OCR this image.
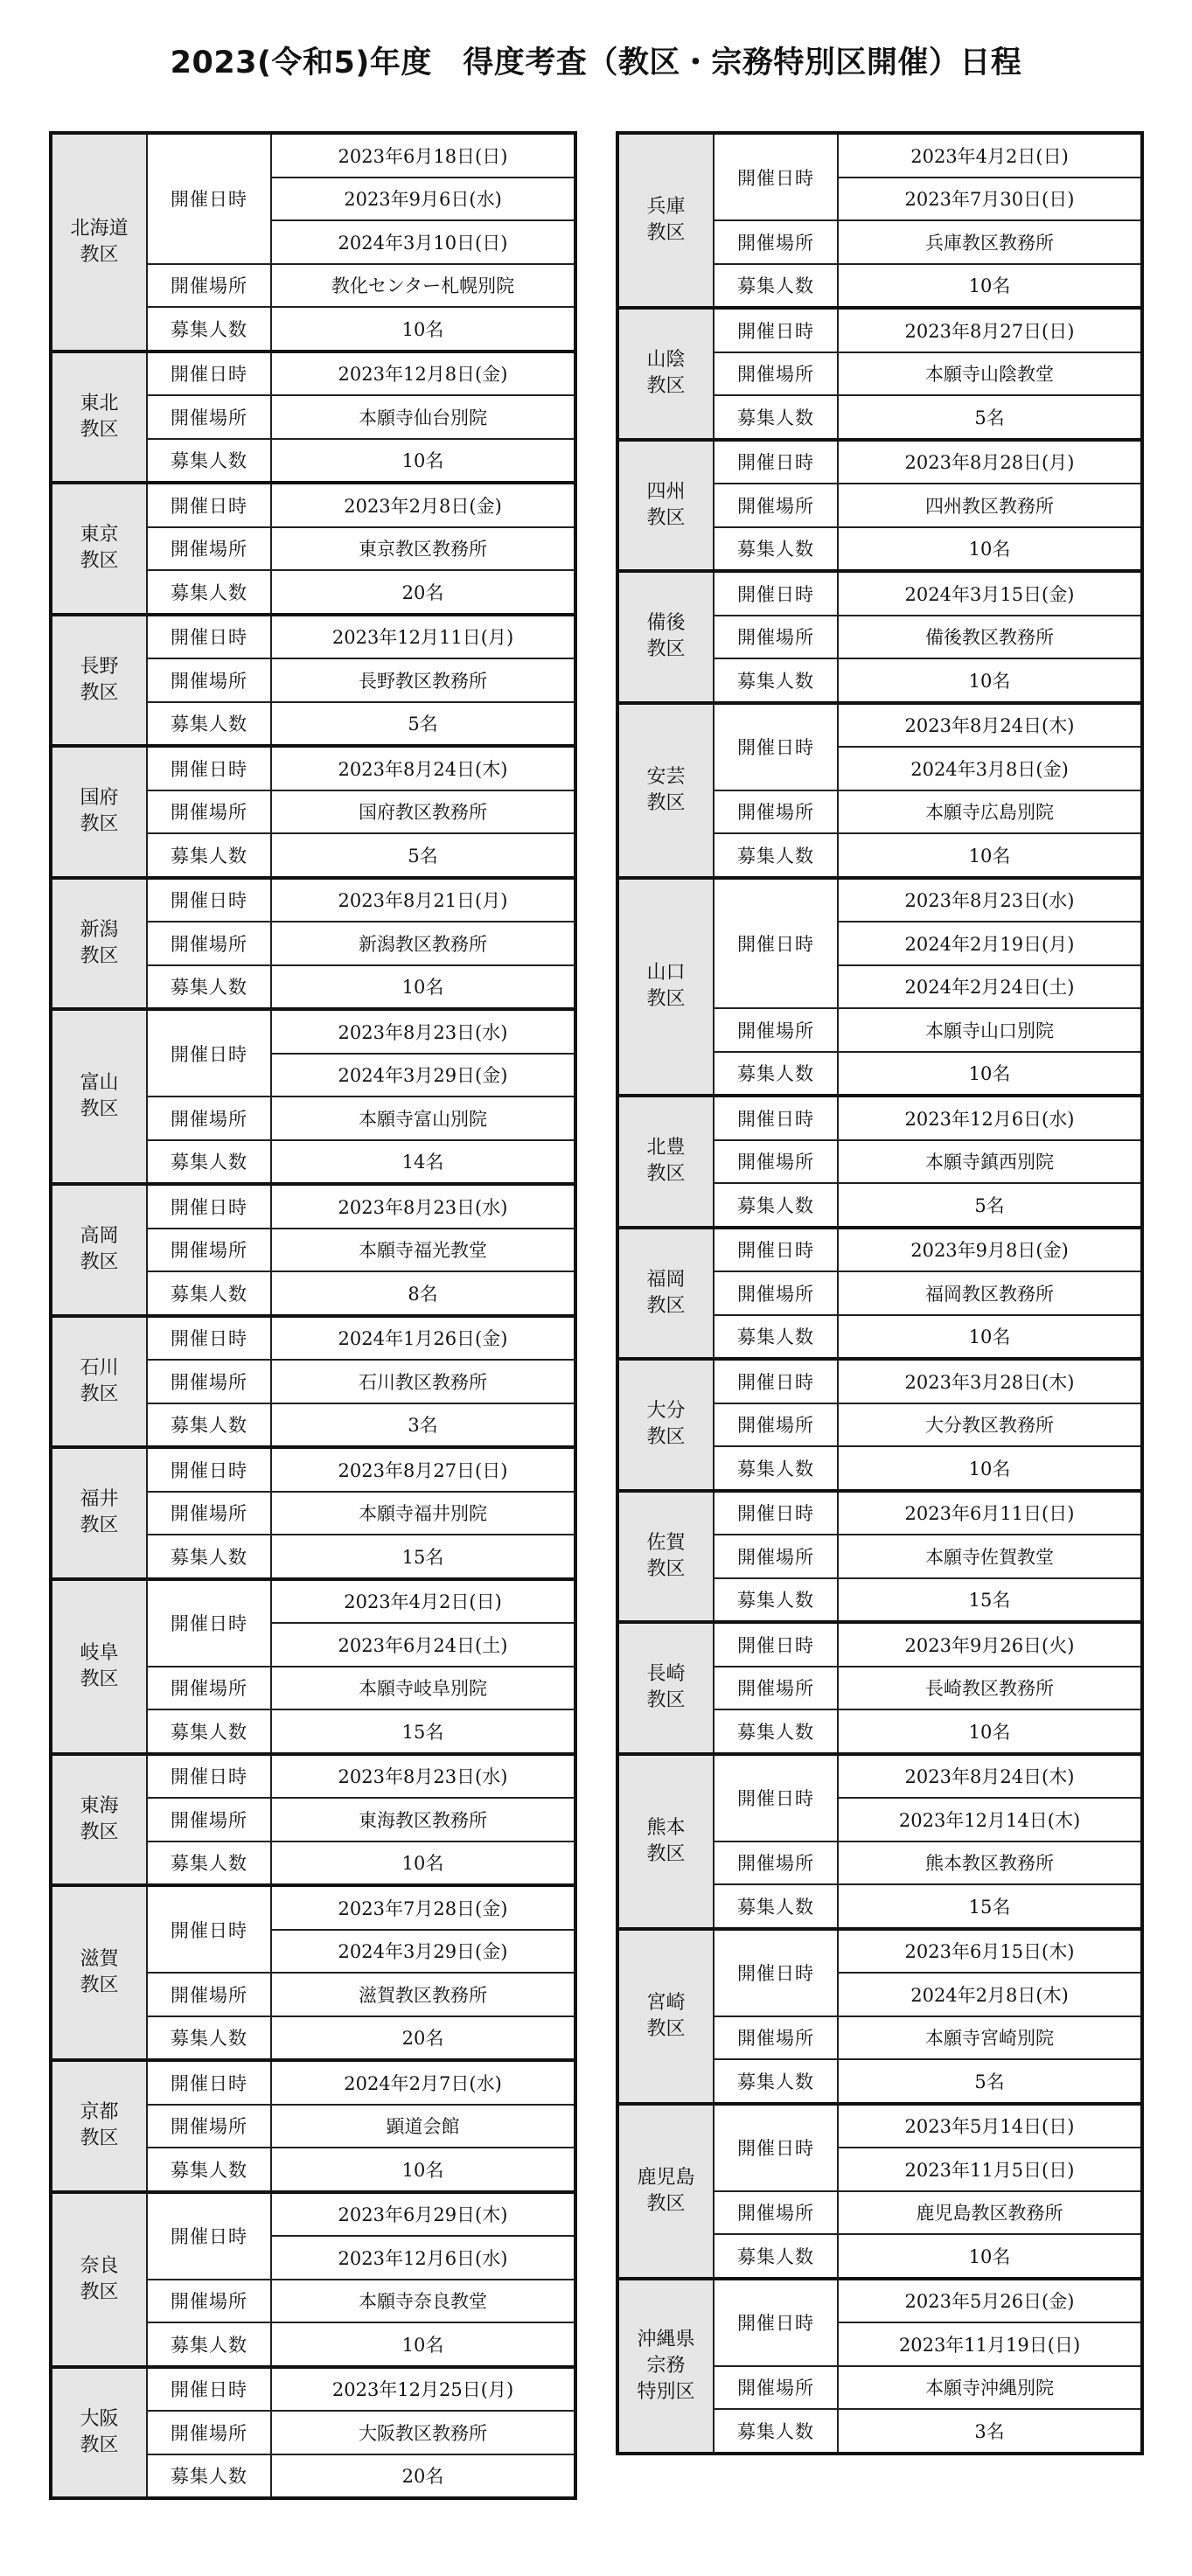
2023(令和5)年度　得度考査（教区・宗務特別区開催）日程
北海道
教区	開催日時	2023年6月18日(日)
		2023年9月6日(水)
		2024年3月10日(日)
	開催場所	教化センター札幌別院
	募集人数	10名

東北
教区	開催日時	2023年12月8日(金)
	開催場所	本願寺仙台別院
	募集人数	10名

東京
教区	開催日時	2023年2月8日(金)
	開催場所	東京教区教務所
	募集人数	20名

長野
教区	開催日時	2023年12月11日(月)
	開催場所	長野教区教務所
	募集人数	5名

国府
教区	開催日時	2023年8月24日(木)
	開催場所	国府教区教務所
	募集人数	5名

新潟
教区	開催日時	2023年8月21日(月)
	開催場所	新潟教区教務所
	募集人数	10名

富山
教区	開催日時	2023年8月23日(水)
		2024年3月29日(金)
	開催場所	本願寺富山別院
	募集人数	14名

高岡
教区	開催日時	2023年8月23日(水)
	開催場所	本願寺福光教堂
	募集人数	8名

石川
教区	開催日時	2024年1月26日(金)
	開催場所	石川教区教務所
	募集人数	3名

福井
教区	開催日時	2023年8月27日(日)
	開催場所	本願寺福井別院
	募集人数	15名

岐阜
教区	開催日時	2023年4月2日(日)
		2023年6月24日(土)
	開催場所	本願寺岐阜別院
	募集人数	15名

東海
教区	開催日時	2023年8月23日(水)
	開催場所	東海教区教務所
	募集人数	10名

滋賀
教区	開催日時	2023年7月28日(金)
		2024年3月29日(金)
	開催場所	滋賀教区教務所
	募集人数	20名

京都
教区	開催日時	2024年2月7日(水)
	開催場所	顕道会館
	募集人数	10名

奈良
教区	開催日時	2023年6月29日(木)
		2023年12月6日(水)
	開催場所	本願寺奈良教堂
	募集人数	10名

大阪
教区	開催日時	2023年12月25日(月)
	開催場所	大阪教区教務所
	募集人数	20名
兵庫
教区	開催日時	2023年4月2日(日)
		2023年7月30日(日)
	開催場所	兵庫教区教務所
	募集人数	10名

山陰
教区	開催日時	2023年8月27日(日)
	開催場所	本願寺山陰教堂
	募集人数	5名

四州
教区	開催日時	2023年8月28日(月)
	開催場所	四州教区教務所
	募集人数	10名

備後
教区	開催日時	2024年3月15日(金)
	開催場所	備後教区教務所
	募集人数	10名

安芸
教区	開催日時	2023年8月24日(木)
		2024年3月8日(金)
	開催場所	本願寺広島別院
	募集人数	10名

山口
教区	開催日時	2023年8月23日(水)
		2024年2月19日(月)
		2024年2月24日(土)
	開催場所	本願寺山口別院
	募集人数	10名

北豊
教区	開催日時	2023年12月6日(水)
	開催場所	本願寺鎮西別院
	募集人数	5名

福岡
教区	開催日時	2023年9月8日(金)
	開催場所	福岡教区教務所
	募集人数	10名

大分
教区	開催日時	2023年3月28日(木)
	開催場所	大分教区教務所
	募集人数	10名

佐賀
教区	開催日時	2023年6月11日(日)
	開催場所	本願寺佐賀教堂
	募集人数	15名

長崎
教区	開催日時	2023年9月26日(火)
	開催場所	長崎教区教務所
	募集人数	10名

熊本
教区	開催日時	2023年8月24日(木)
		2023年12月14日(木)
	開催場所	熊本教区教務所
	募集人数	15名

宮崎
教区	開催日時	2023年6月15日(木)
		2024年2月8日(木)
	開催場所	本願寺宮崎別院
	募集人数	5名

鹿児島
教区	開催日時	2023年5月14日(日)
		2023年11月5日(日)
	開催場所	鹿児島教区教務所
	募集人数	10名

沖縄県
宗務
特別区	開催日時	2023年5月26日(金)
		2023年11月19日(日)
	開催場所	本願寺沖縄別院
	募集人数	3名
